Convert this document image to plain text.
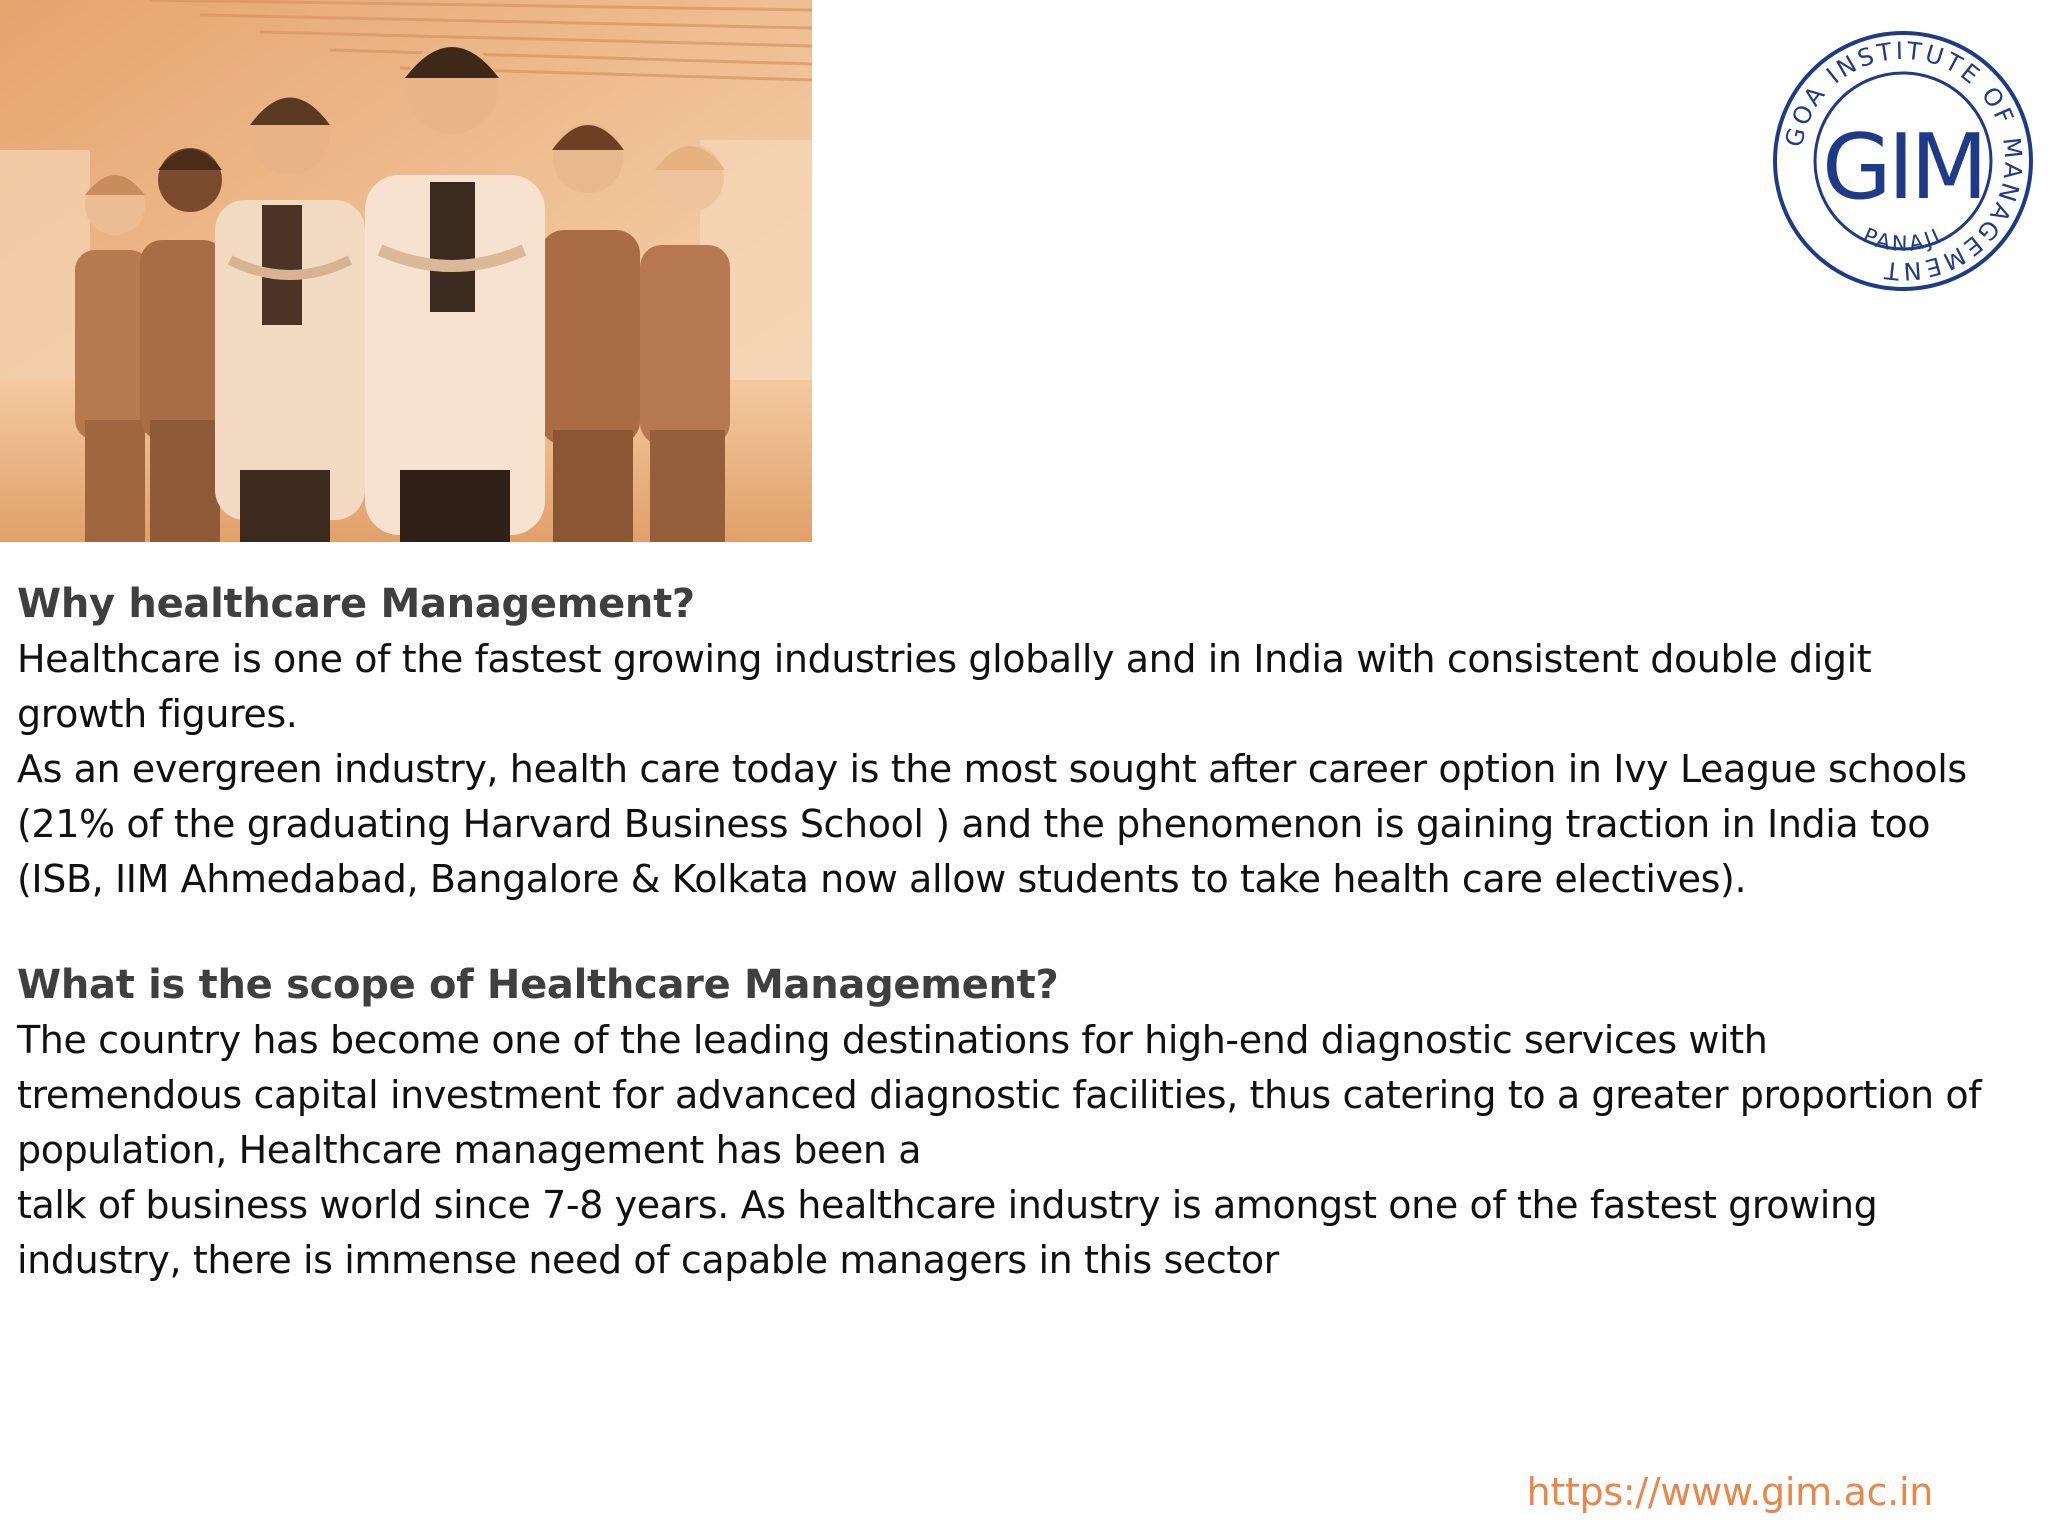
GOA INSTITUTE OF MANAGEMENT
PANAJI
GIM
Why healthcare Management?

Healthcare is one of the fastest growing industries globally and in India with consistent double digit growth figures.

As an evergreen industry, health care today is the most sought after career option in Ivy League schools (21% of the graduating Harvard Business School ) and the phenomenon is gaining traction in India too (ISB, IIM Ahmedabad, Bangalore & Kolkata now allow students to take health care electives).

What is the scope of Healthcare Management?

The country has become one of the leading destinations for high-end diagnostic services with tremendous capital investment for advanced diagnostic facilities, thus catering to a greater proportion of population, Healthcare management has been a

talk of business world since 7-8 years. As healthcare industry is amongst one of the fastest growing industry, there is immense need of capable managers in this sector

https://www.gim.ac.in
